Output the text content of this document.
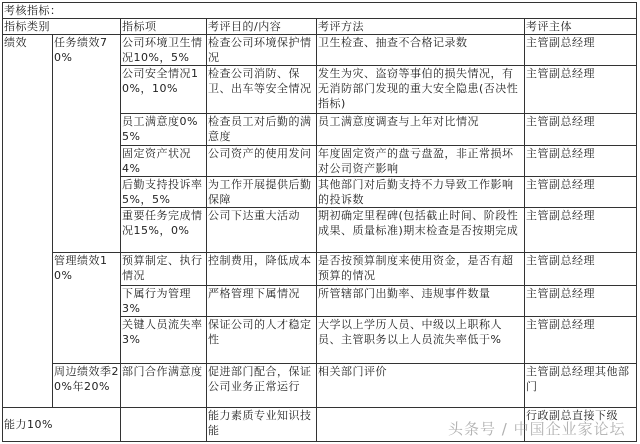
考核指标：					
指标类别		指标项	考评目的/内容	考评方法	考评主体
绩效	任务绩效70%	公司环境卫生情况10%，5%	检查公司环境保护情况	卫生检查、抽查不合格记录数	主管副总经理
		公司安全情况10%，10%	检查公司消防、保卫、出车等安全情况	发生为灾、盗窃等事伯的损失情况，有无消防部门发现的重大安全隐患(否决性指标)	主管副总经理
		员工满意度0%5%	检查员工对后勤的满意度	员工满意度调查与上年对比情况	主管副总经理
		固定资产状况4%	公司资产的使用发问	年度固定资产的盘亏盘盈，非正常损坏对公司资产影响	主管副总经理
		后勤支持投诉率5%，5%	为工作开展提供后勤保障	其他部门对后勤支持不力导致工作影响的投诉数	主管副总经理
		重要任务完成情况15%，0%	公司下达重大活动	期初确定里程碑(包括截止时间、阶段性成果、质量标准)期末检查是否按期完成	主管副总经理
	管理绩效10%	预算制定、执行情况	控制费用，降低成本	是否按预算制度来使用资金，是否有超预算的情况	主管副总经理
		下属行为管理3%	严格管理下属情况	所管辖部门出勤率、违规事件数量	主管副总经理
		关键人员流失率3%	保证公司的人才稳定性	大学以上学历人员、中级以上职称人员、主管职务以上人员流失率低于%	主管副总经理
	周边绩效季20%年20%	部门合作满意度	促进部门配合，保证公司业务正常运行	相关部门评价	主管副总经理其他部门
能力10%			能力素质专业知识技能		行政副总直接下级
头条号 / 中国企业家论坛
